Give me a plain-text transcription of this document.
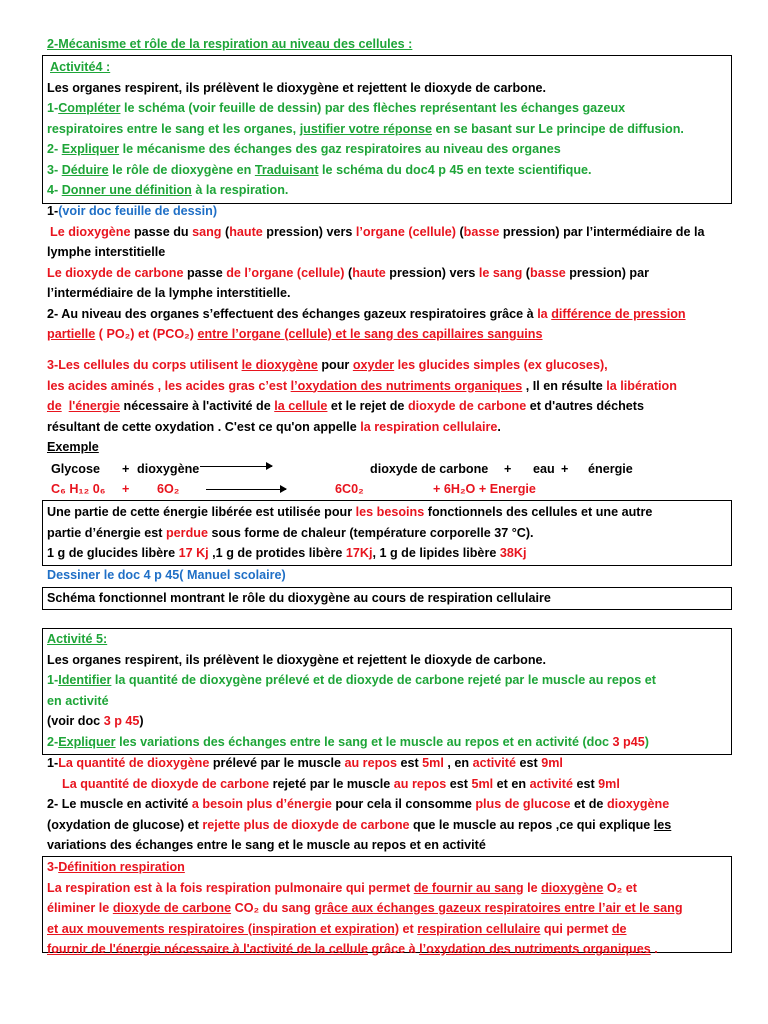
2-Mécanisme et rôle de la respiration au niveau des cellules :
Activité4 :
Les organes respirent, ils prélèvent le dioxygène et rejettent le dioxyde de carbone.
1-Compléter le schéma (voir feuille de dessin) par des flèches représentant les échanges gazeux
respiratoires entre le sang et les organes, justifier votre réponse en se basant sur Le principe de diffusion.
2- Expliquer le mécanisme des échanges des gaz respiratoires au niveau des organes
3- Déduire le rôle de dioxygène en Traduisant le schéma du doc4 p 45 en texte scientifique.
4- Donner une définition à la respiration.
1-(voir doc feuille de dessin)
Le dioxygène passe du sang (haute pression) vers l’organe (cellule) (basse pression) par l’intermédiaire de la
lymphe interstitielle
Le dioxyde de carbone passe de l’organe (cellule) (haute pression) vers le sang (basse pression) par
l’intermédiaire de la lymphe interstitielle.
2- Au niveau des organes s’effectuent des échanges gazeux respiratoires grâce à la différence de pression
partielle ( PO₂) et (PCO₂) entre l’organe (cellule) et le sang des capillaires sanguins
3-Les cellules du corps utilisent le dioxygène pour oxyder les glucides simples (ex glucoses),
les acides aminés , les acides gras c’est l’oxydation des nutriments organiques , Il en résulte la libération
de l'énergie nécessaire à l'activité de la cellule et le rejet de dioxyde de carbone et d'autres déchets
résultant de cette oxydation . C'est ce qu'on appelle la respiration cellulaire.
Exemple
Glycose + dioxygène	dioxyde de carbone + eau + énergie
C₆ H₁₂ 0₆ + 6O₂	6C0₂	+ 6H₂O + Energie
Une partie de cette énergie libérée est utilisée pour les besoins fonctionnels des cellules et une autre
partie d’énergie est perdue sous forme de chaleur (température corporelle 37 °C).
1 g de glucides libère 17 Kj ,1 g de protides libère 17Kj, 1 g de lipides libère 38Kj
Dessiner le doc 4 p 45( Manuel scolaire)
Schéma fonctionnel montrant le rôle du dioxygène au cours de respiration cellulaire
Activité 5:
Les organes respirent, ils prélèvent le dioxygène et rejettent le dioxyde de carbone.
1-Identifier la quantité de dioxygène prélevé et de dioxyde de carbone rejeté par le muscle au repos et
en activité
(voir doc 3 p 45)
2-Expliquer les variations des échanges entre le sang et le muscle au repos et en activité (doc 3 p45)
1-La quantité de dioxygène prélevé par le muscle au repos est 5ml , en activité est 9ml
La quantité de dioxyde de carbone rejeté par le muscle au repos est 5ml et en activité est 9ml
2- Le muscle en activité a besoin plus d’énergie pour cela il consomme plus de glucose et de dioxygène
(oxydation de glucose) et rejette plus de dioxyde de carbone que le muscle au repos ,ce qui explique les
variations des échanges entre le sang et le muscle au repos et en activité
3-Définition respiration
La respiration est à la fois respiration pulmonaire qui permet de fournir au sang le dioxygène O₂ et
éliminer le dioxyde de carbone CO₂ du sang grâce aux échanges gazeux respiratoires entre l’air et le sang
et aux mouvements respiratoires (inspiration et expiration) et respiration cellulaire qui permet de
fournir de l'énergie nécessaire à l'activité de la cellule grâce à l’oxydation des nutriments organiques .
